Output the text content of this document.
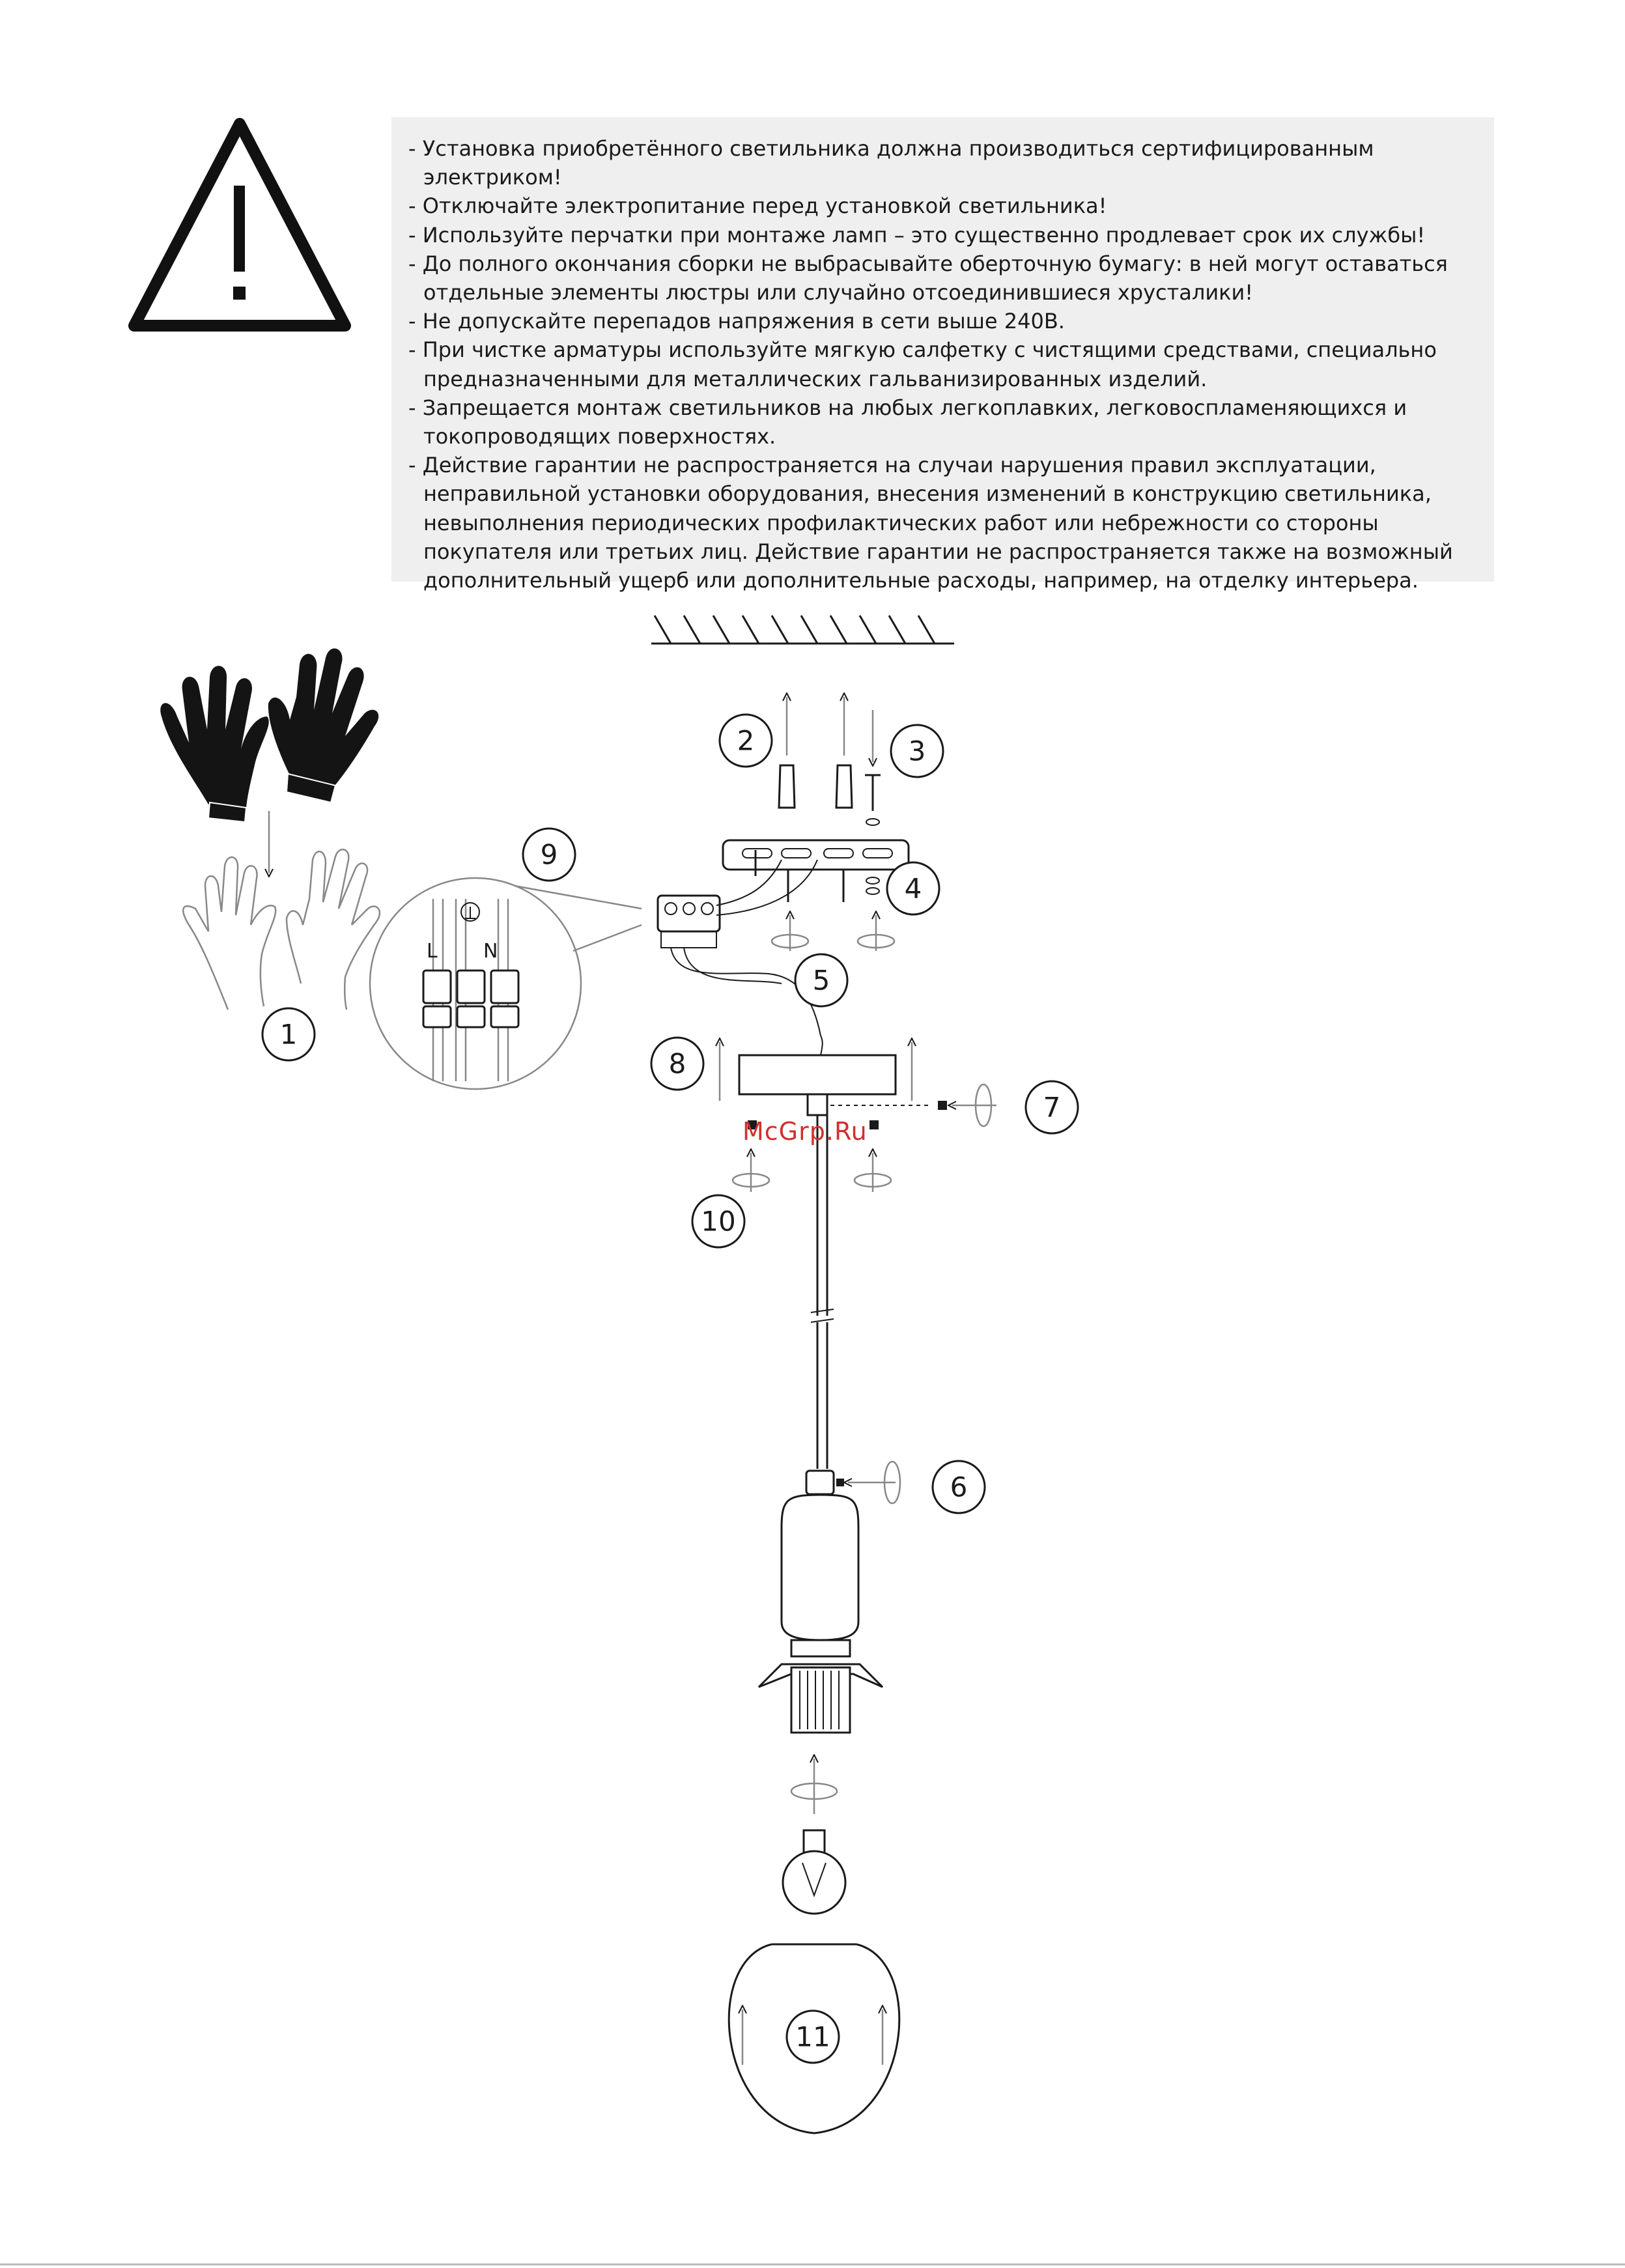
- Установка приобретённого светильника должна производиться сертифицированным электриком!
- Отключайте электропитание перед установкой светильника!
- Используйте перчатки при монтаже ламп – это существенно продлевает срок их службы!
- До полного окончания сборки не выбрасывайте оберточную бумагу: в ней могут оставаться отдельные элементы люстры или случайно отсоединившиеся хрусталики!
- Не допускайте перепадов напряжения в сети выше 240В.
- При чистке арматуры используйте мягкую салфетку с чистящими средствами, специально предназначенными для металлических гальванизированных изделий.
- Запрещается монтаж светильников на любых легкоплавких, легковоспламеняющихся и токопроводящих поверхностях.
- Действие гарантии не распространяется на случаи нарушения правил эксплуатации, неправильной установки оборудования, внесения изменений в конструкцию светильника, невыполнения периодических профилактических работ или небрежности со стороны покупателя или третьих лиц. Действие гарантии не распространяется также на возможный дополнительный ущерб или дополнительные расходы, например, на отделку интерьера.
L N
1
2	3
4
5
6
7
8
9
10
11
McGrp.Ru
